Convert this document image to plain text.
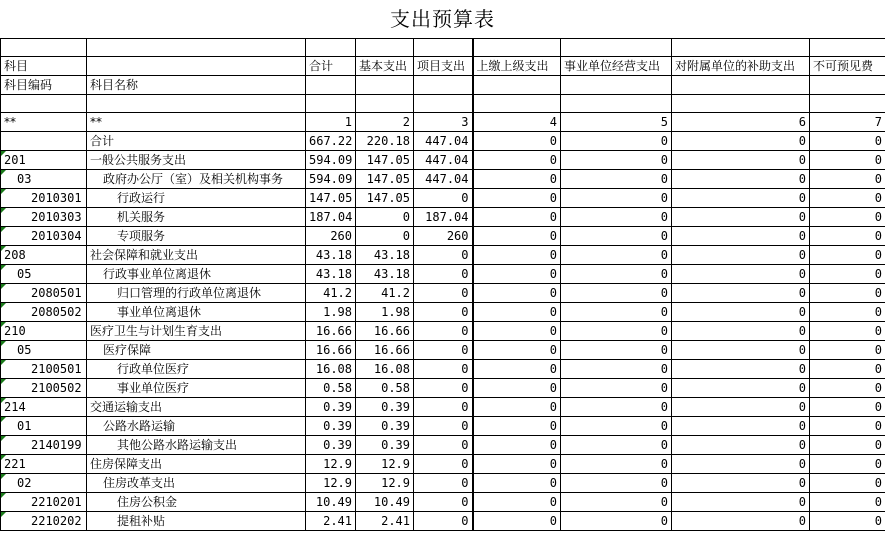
支出预算表

科目		合计	基本支出	项目支出	上缴上级支出	事业单位经营支出	对附属单位的补助支出	不可预见费
科目编码	科目名称							

**	**	1	2	3	4	5	6	7
	合计	667.22	220.18	447.04	0	0	0	0
201	一般公共服务支出	594.09	147.05	447.04	0	0	0	0
03	政府办公厅（室）及相关机构事务	594.09	147.05	447.04	0	0	0	0
2010301	行政运行	147.05	147.05	0	0	0	0	0
2010303	机关服务	187.04	0	187.04	0	0	0	0
2010304	专项服务	260	0	260	0	0	0	0
208	社会保障和就业支出	43.18	43.18	0	0	0	0	0
05	行政事业单位离退休	43.18	43.18	0	0	0	0	0
2080501	归口管理的行政单位离退休	41.2	41.2	0	0	0	0	0
2080502	事业单位离退休	1.98	1.98	0	0	0	0	0
210	医疗卫生与计划生育支出	16.66	16.66	0	0	0	0	0
05	医疗保障	16.66	16.66	0	0	0	0	0
2100501	行政单位医疗	16.08	16.08	0	0	0	0	0
2100502	事业单位医疗	0.58	0.58	0	0	0	0	0
214	交通运输支出	0.39	0.39	0	0	0	0	0
01	公路水路运输	0.39	0.39	0	0	0	0	0
2140199	其他公路水路运输支出	0.39	0.39	0	0	0	0	0
221	住房保障支出	12.9	12.9	0	0	0	0	0
02	住房改革支出	12.9	12.9	0	0	0	0	0
2210201	住房公积金	10.49	10.49	0	0	0	0	0
2210202	提租补贴	2.41	2.41	0	0	0	0	0
